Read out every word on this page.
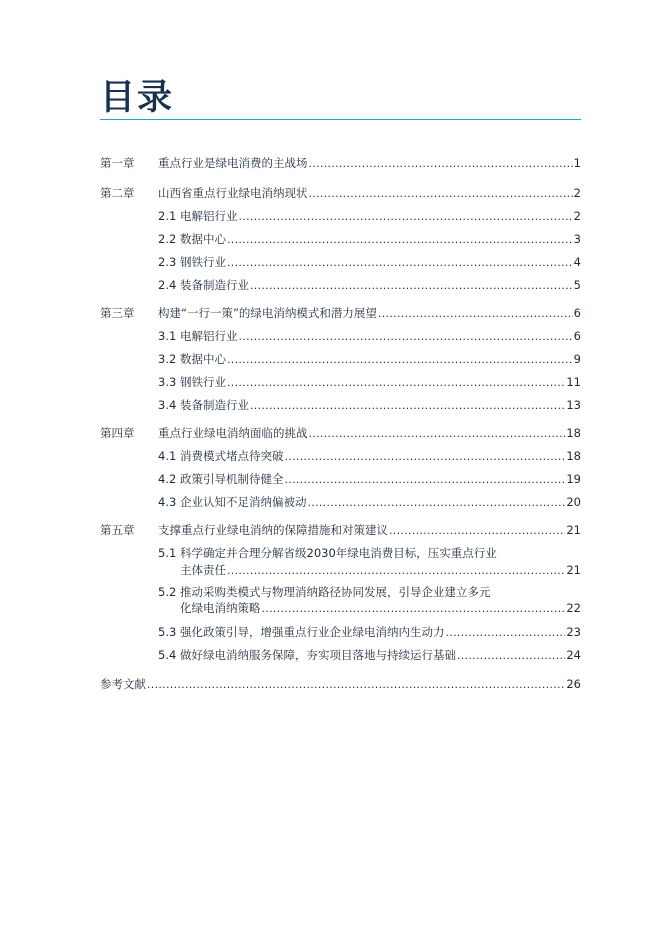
目录
第一章	重点行业是绿电消费的主战场 .....	1
第二章	山西省重点行业绿电消纳现状 .....	2
2.1 电解铝行业 .....	2
2.2 数据中心 .....	3
2.3 钢铁行业 .....	4
2.4 装备制造行业 .....	5
第三章	构建“一行一策”的绿电消纳模式和潜力展望 .....	6
3.1 电解铝行业 .....	6
3.2 数据中心 .....	9
3.3 钢铁行业 .....	11
3.4 装备制造行业 .....	13
第四章	重点行业绿电消纳面临的挑战 .....	18
4.1 消费模式堵点待突破 .....	18
4.2 政策引导机制待健全 .....	19
4.3 企业认知不足消纳偏被动 .....	20
第五章	支撑重点行业绿电消纳的保障措施和对策建议 .....	21
5.1 科学确定并合理分解省级2030年绿电消费目标，压实重点行业
主体责任 .....	21
5.2 推动采购类模式与物理消纳路径协同发展，引导企业建立多元
化绿电消纳策略 .....	22
5.3 强化政策引导，增强重点行业企业绿电消纳内生动力 .....	23
5.4 做好绿电消纳服务保障，夯实项目落地与持续运行基础 .....	24
参考文献 .....	26
